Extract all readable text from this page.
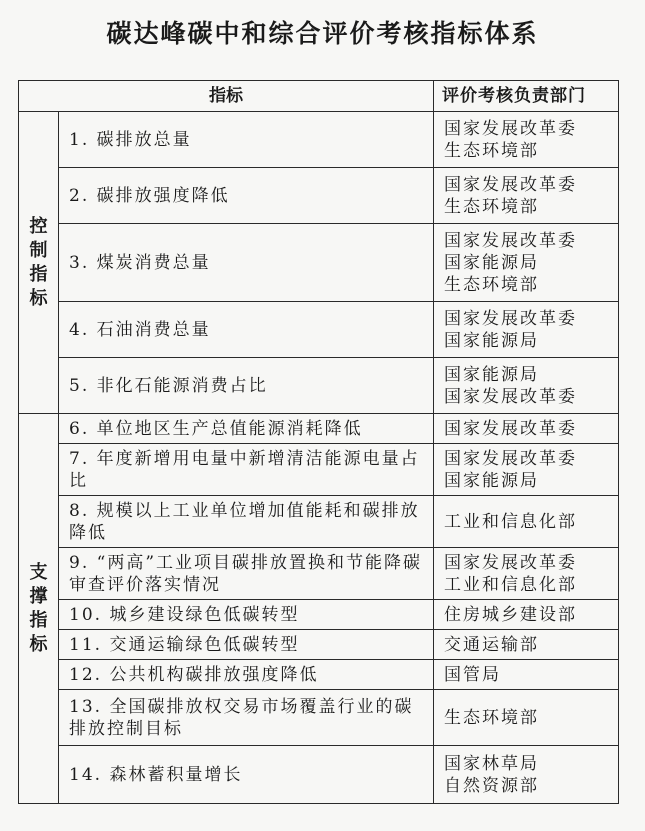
碳达峰碳中和综合评价考核指标体系
指标		评价考核负责部门

控制指标	1. 碳排放总量	国家发展改革委
生态环境部

	2. 碳排放强度降低	国家发展改革委
生态环境部

	3. 煤炭消费总量	国家发展改革委
国家能源局
生态环境部

	4. 石油消费总量	国家发展改革委
国家能源局

	5. 非化石能源消费占比	国家能源局
国家发展改革委

支撑指标	6. 单位地区生产总值能源消耗降低	国家发展改革委

	7. 年度新增用电量中新增清洁能源电量占比	国家发展改革委
国家能源局

	8. 规模以上工业单位增加值能耗和碳排放降低	工业和信息化部

	9. “两高”工业项目碳排放置换和节能降碳审查评价落实情况	国家发展改革委
工业和信息化部

	10. 城乡建设绿色低碳转型	住房城乡建设部

	11. 交通运输绿色低碳转型	交通运输部

	12. 公共机构碳排放强度降低	国管局

	13. 全国碳排放权交易市场覆盖行业的碳排放控制目标	生态环境部

	14. 森林蓄积量增长	国家林草局
自然资源部
